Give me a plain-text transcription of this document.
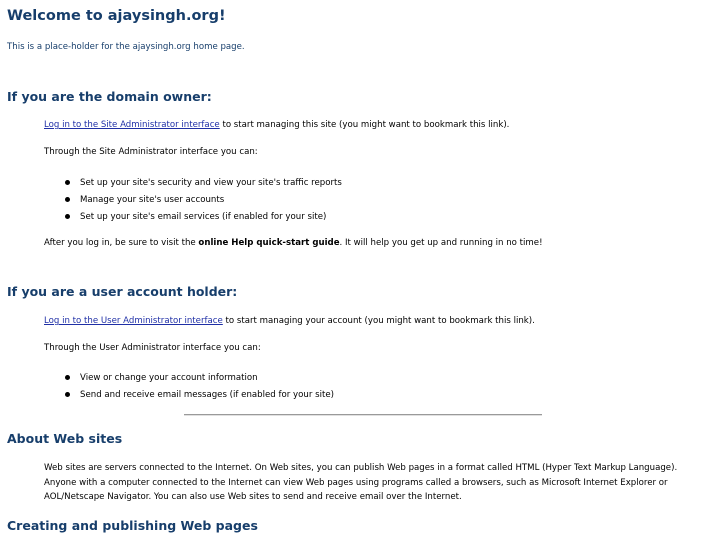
Welcome to ajaysingh.org!
This is a place-holder for the ajaysingh.org home page.
If you are the domain owner:
Log in to the Site Administrator interface to start managing this site (you might want to bookmark this link).
Through the Site Administrator interface you can:
Set up your site's security and view your site's traffic reports
Manage your site's user accounts
Set up your site's email services (if enabled for your site)
After you log in, be sure to visit the online Help quick-start guide. It will help you get up and running in no time!
If you are a user account holder:
Log in to the User Administrator interface to start managing your account (you might want to bookmark this link).
Through the User Administrator interface you can:
View or change your account information
Send and receive email messages (if enabled for your site)
About Web sites
Web sites are servers connected to the Internet. On Web sites, you can publish Web pages in a format called HTML (Hyper Text Markup Language). Anyone with a computer connected to the Internet can view Web pages using programs called a browsers, such as Microsoft Internet Explorer or AOL/Netscape Navigator. You can also use Web sites to send and receive email over the Internet.
Creating and publishing Web pages
